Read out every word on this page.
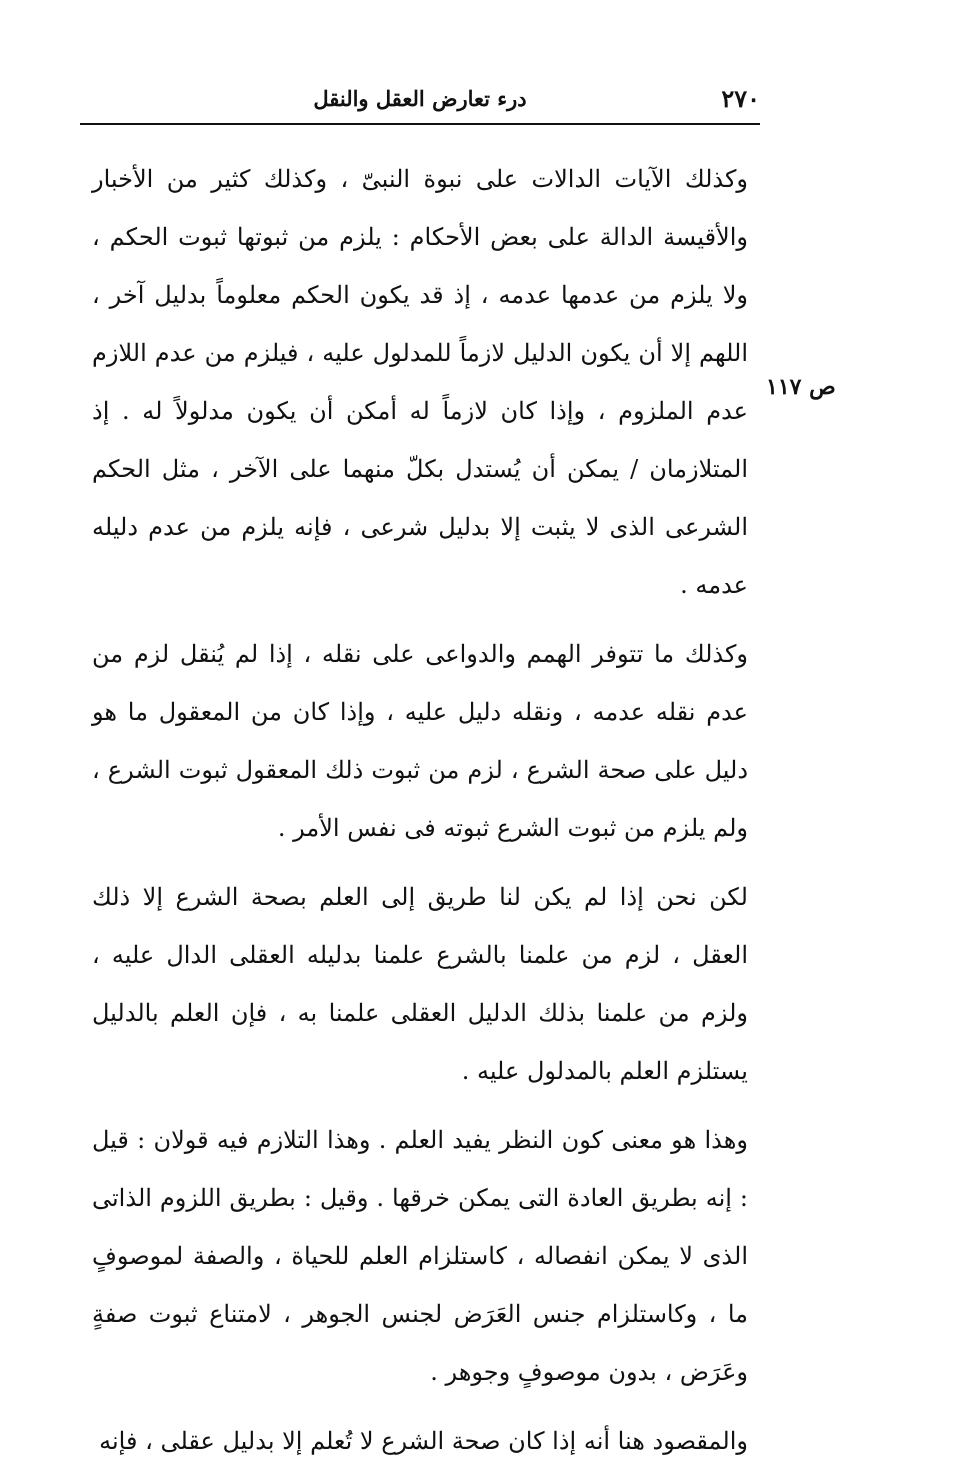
٢٧٠
درء تعارض العقل والنقل
ص ١١٧

وكذلك الآيات الدالات على نبوة النبىّ ، وكذلك كثير من الأخبار والأقيسة الدالة على بعض الأحكام : يلزم من ثبوتها ثبوت الحكم ، ولا يلزم من عدمها عدمه ، إذ قد يكون الحكم معلوماً بدليل آخر ، اللهم إلا أن يكون الدليل لازماً للمدلول عليه ، فيلزم من عدم اللازم عدم الملزوم ، وإذا كان لازماً له أمكن أن يكون مدلولاً له . إذ المتلازمان / يمكن أن يُستدل بكلّ منهما على الآخر ، مثل الحكم الشرعى الذى لا يثبت إلا بدليل شرعى ، فإنه يلزم من عدم دليله عدمه .

وكذلك ما تتوفر الهمم والدواعى على نقله ، إذا لم يُنقل لزم من عدم نقله عدمه ، ونقله دليل عليه ، وإذا كان من المعقول ما هو دليل على صحة الشرع ، لزم من ثبوت ذلك المعقول ثبوت الشرع ، ولم يلزم من ثبوت الشرع ثبوته فى نفس الأمر .

لكن نحن إذا لم يكن لنا طريق إلى العلم بصحة الشرع إلا ذلك العقل ، لزم من علمنا بالشرع علمنا بدليله العقلى الدال عليه ، ولزم من علمنا بذلك الدليل العقلى علمنا به ، فإن العلم بالدليل يستلزم العلم بالمدلول عليه .

وهذا هو معنى كون النظر يفيد العلم . وهذا التلازم فيه قولان : قيل : إنه بطريق العادة التى يمكن خرقها . وقيل : بطريق اللزوم الذاتى الذى لا يمكن انفصاله ، كاستلزام العلم للحياة ، والصفة لموصوفٍ ما ، وكاستلزام جنس العَرَض لجنس الجوهر ، لامتناع ثبوت صفةٍ وعَرَض ، بدون موصوفٍ وجوهر .

والمقصود هنا أنه إذا كان صحة الشرع لا تُعلم إلا بدليل عقلى ، فإنه
